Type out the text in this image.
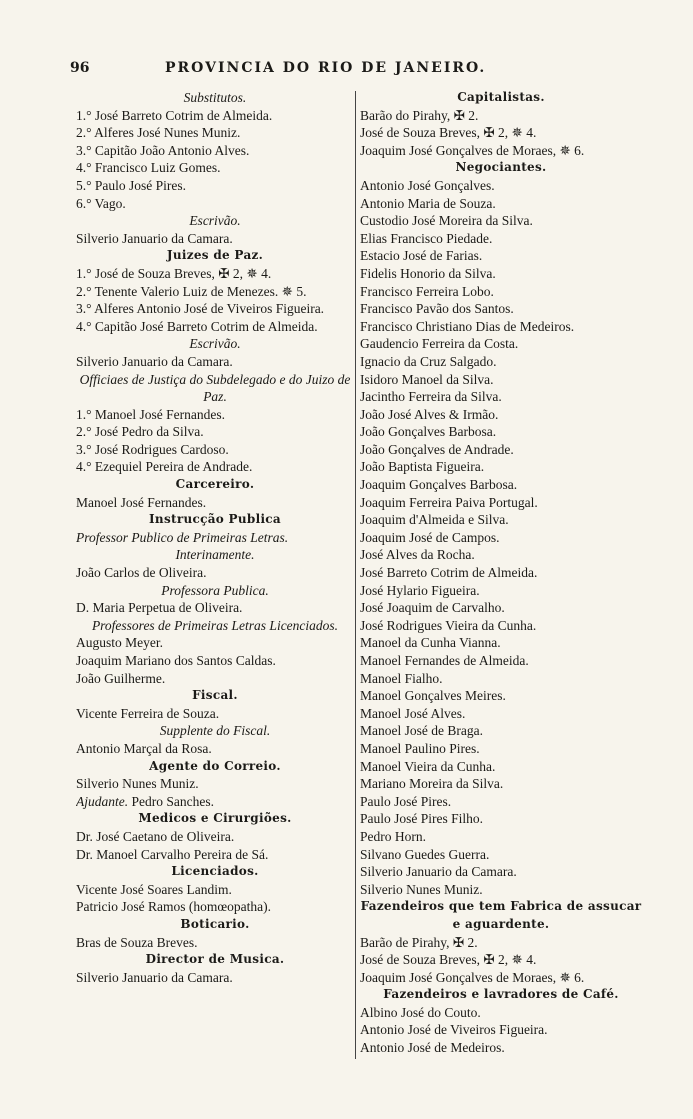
96	PROVINCIA DO RIO DE JANEIRO.
Substitutos.
1.° José Barreto Cotrim de Almeida.
2.° Alferes José Nunes Muniz.
3.° Capitão João Antonio Alves.
4.° Francisco Luiz Gomes.
5.° Paulo José Pires.
6.° Vago.
Escrivão.
Silverio Januario da Camara.
Juizes de Paz.
1.° José de Souza Breves, ✠ 2, ✵ 4.
2.° Tenente Valerio Luiz de Menezes. ✵ 5.
3.° Alferes Antonio José de Viveiros Figueira.
4.° Capitão José Barreto Cotrim de Almeida.
Escrivão.
Silverio Januario da Camara.
Officiaes de Justiça do Subdelegado e do Juizo de Paz.
1.° Manoel José Fernandes.
2.° José Pedro da Silva.
3.° José Rodrigues Cardoso.
4.° Ezequiel Pereira de Andrade.
Carcereiro.
Manoel José Fernandes.
Instrucção Publica
Professor Publico de Primeiras Letras.
Interinamente.
João Carlos de Oliveira.
Professora Publica.
D. Maria Perpetua de Oliveira.
Professores de Primeiras Letras Licenciados.
Augusto Meyer.
Joaquim Mariano dos Santos Caldas.
João Guilherme.
Fiscal.
Vicente Ferreira de Souza.
Supplente do Fiscal.
Antonio Marçal da Rosa.
Agente do Correio.
Silverio Nunes Muniz.
Ajudante. Pedro Sanches.
Medicos e Cirurgiões.
Dr. José Caetano de Oliveira.
Dr. Manoel Carvalho Pereira de Sá.
Licenciados.
Vicente José Soares Landim.
Patricio José Ramos (homœopatha).
Boticario.
Bras de Souza Breves.
Director de Musica.
Silverio Januario da Camara.
Capitalistas.
Barão do Pirahy, ✠ 2.
José de Souza Breves, ✠ 2, ✵ 4.
Joaquim José Gonçalves de Moraes, ✵ 6.
Negociantes.
Antonio José Gonçalves.
Antonio Maria de Souza.
Custodio José Moreira da Silva.
Elias Francisco Piedade.
Estacio José de Farias.
Fidelis Honorio da Silva.
Francisco Ferreira Lobo.
Francisco Pavão dos Santos.
Francisco Christiano Dias de Medeiros.
Gaudencio Ferreira da Costa.
Ignacio da Cruz Salgado.
Isidoro Manoel da Silva.
Jacintho Ferreira da Silva.
João José Alves & Irmão.
João Gonçalves Barbosa.
João Gonçalves de Andrade.
João Baptista Figueira.
Joaquim Gonçalves Barbosa.
Joaquim Ferreira Paiva Portugal.
Joaquim d'Almeida e Silva.
Joaquim José de Campos.
José Alves da Rocha.
José Barreto Cotrim de Almeida.
José Hylario Figueira.
José Joaquim de Carvalho.
José Rodrigues Vieira da Cunha.
Manoel da Cunha Vianna.
Manoel Fernandes de Almeida.
Manoel Fialho.
Manoel Gonçalves Meires.
Manoel José Alves.
Manoel José de Braga.
Manoel Paulino Pires.
Manoel Vieira da Cunha.
Mariano Moreira da Silva.
Paulo José Pires.
Paulo José Pires Filho.
Pedro Horn.
Silvano Guedes Guerra.
Silverio Januario da Camara.
Silverio Nunes Muniz.
Fazendeiros que tem Fabrica de assucar e aguardente.
Barão de Pirahy, ✠ 2.
José de Souza Breves, ✠ 2, ✵ 4.
Joaquim José Gonçalves de Moraes, ✵ 6.
Fazendeiros e lavradores de Café.
Albino José do Couto.
Antonio José de Viveiros Figueira.
Antonio José de Medeiros.
